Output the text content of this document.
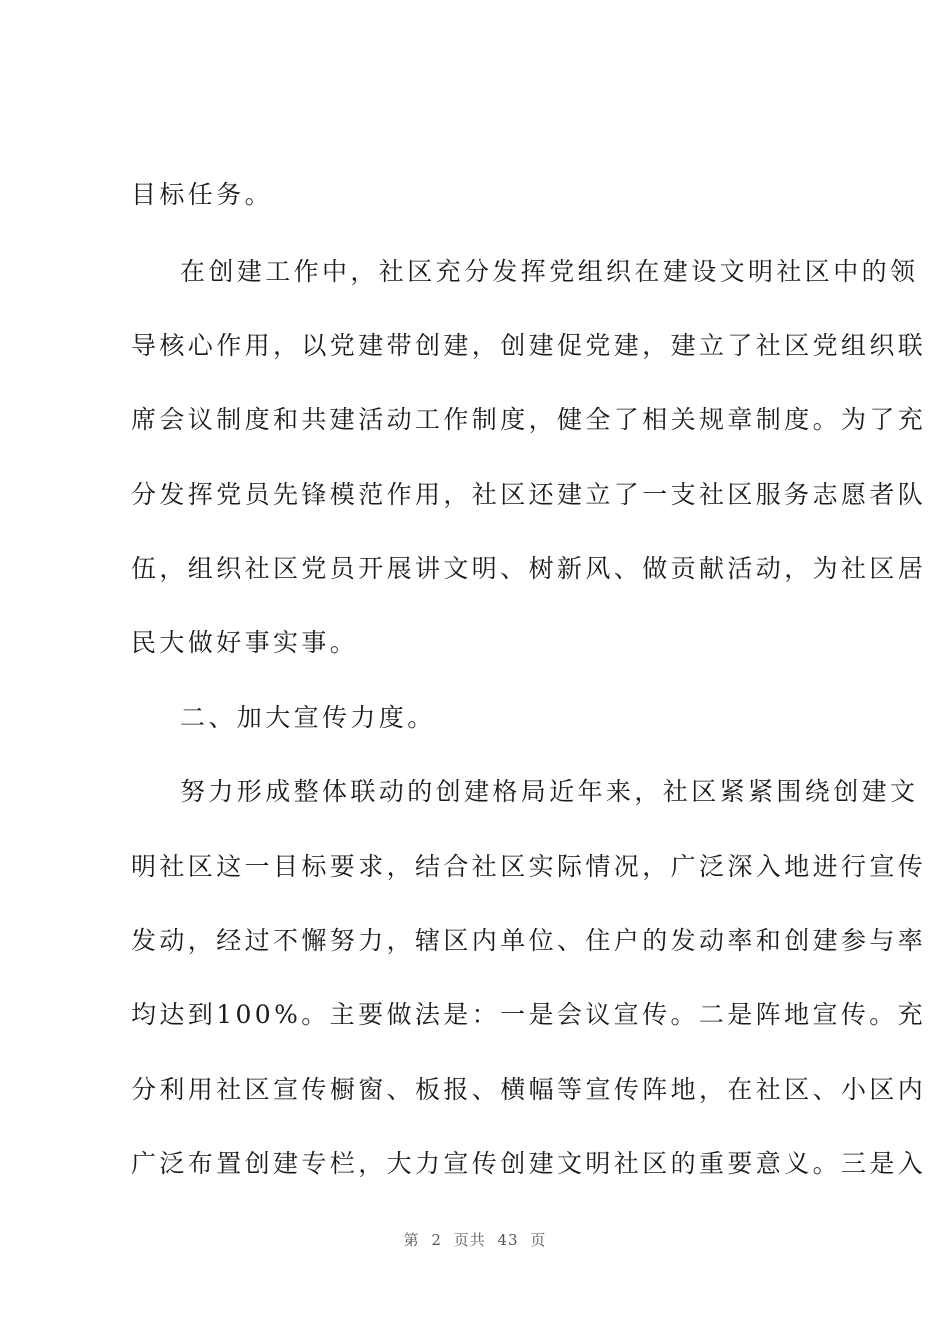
目标任务。
在创建工作中，社区充分发挥党组织在建设文明社区中的领
导核心作用，以党建带创建，创建促党建，建立了社区党组织联
席会议制度和共建活动工作制度，健全了相关规章制度。为了充
分发挥党员先锋模范作用，社区还建立了一支社区服务志愿者队
伍，组织社区党员开展讲文明、树新风、做贡献活动，为社区居
民大做好事实事。
二、加大宣传力度。
努力形成整体联动的创建格局近年来，社区紧紧围绕创建文
明社区这一目标要求，结合社区实际情况，广泛深入地进行宣传
发动，经过不懈努力，辖区内单位、住户的发动率和创建参与率
均达到100%。主要做法是：一是会议宣传。二是阵地宣传。充
分利用社区宣传橱窗、板报、横幅等宣传阵地，在社区、小区内
广泛布置创建专栏，大力宣传创建文明社区的重要意义。三是入
第 2 页共 43 页
